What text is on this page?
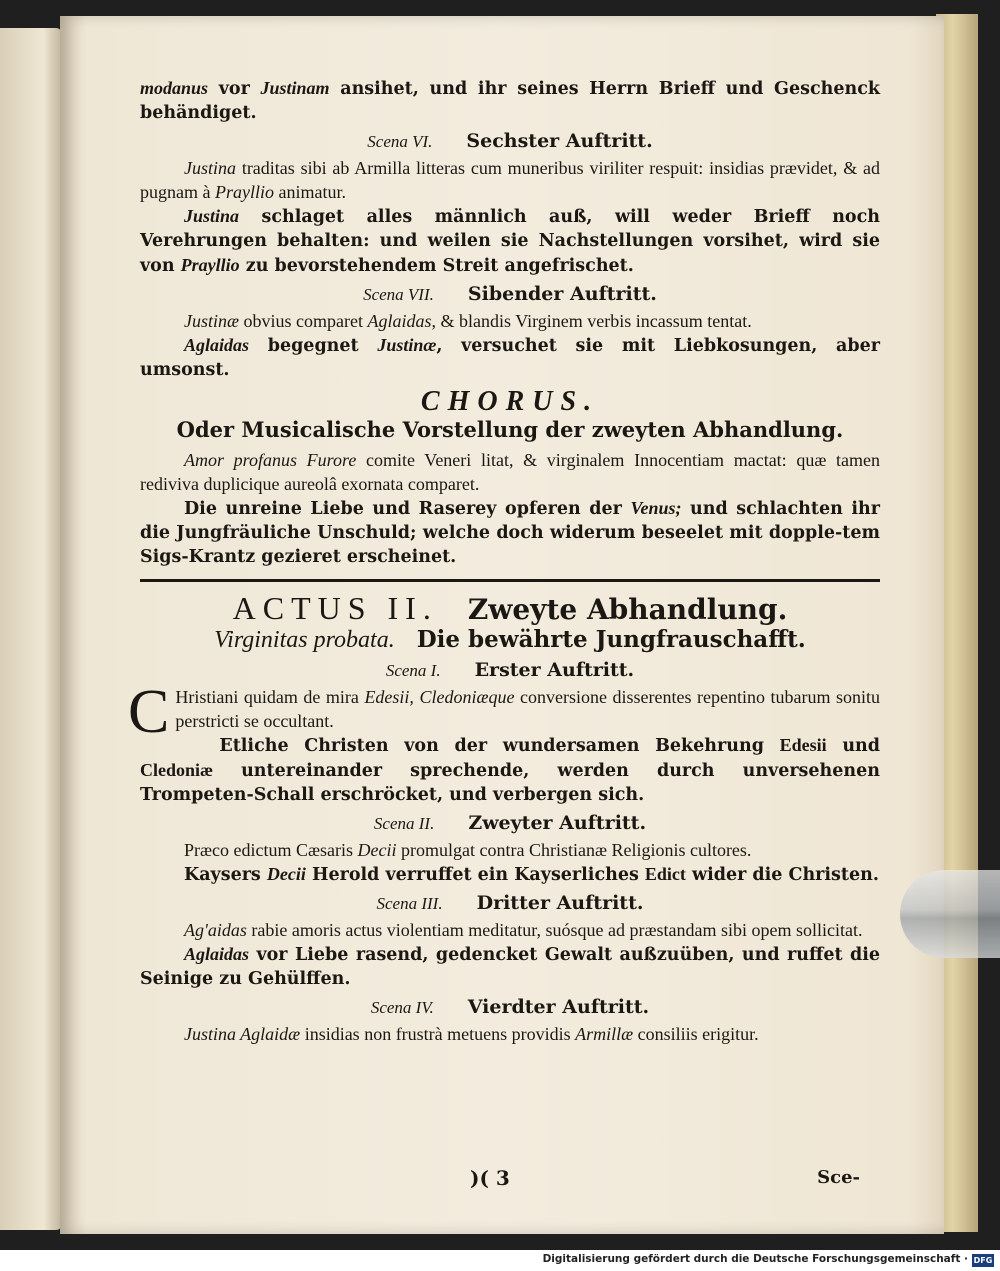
modanus vor Justinam ansihet, und ihr seines Herrn Brieff und Geschenck behändiget.

Scena VI. Sechster Auftritt.

Justina traditas sibi ab Armilla litteras cum muneribus viriliter respuit: insidias prævidet, & ad pugnam à Prayllio animatur.

Justina schlaget alles männlich auß, will weder Brieff noch Verehrungen behalten: und weilen sie Nachstellungen vorsihet, wird sie von Prayllio zu bevorstehendem Streit angefrischet.

Scena VII. Sibender Auftritt.

Justinæ obvius comparet Aglaidas, & blandis Virginem verbis incassum tentat.

Aglaidas begegnet Justinæ, versuchet sie mit Liebkosungen, aber umsonst.

CHORUS.
Oder Musicalische Vorstellung der zweyten Abhandlung.

Amor profanus Furore comite Veneri litat, & virginalem Innocentiam mactat: quæ tamen rediviva duplicique aureolâ exornata comparet.

Die unreine Liebe und Raserey opferen der Venus; und schlachten ihr die Jungfräuliche Unschuld; welche doch widerum beseelet mit dopple-tem Sigs-Krantz gezieret erscheinet.

ACTUS II. Zweyte Abhandlung.
Virginitas probata. Die bewährte Jungfrauschafft.
Scena I. Erster Auftritt.

C Hristiani quidam de mira Edesii, Cledoniæque conversione disserentes repentino tubarum sonitu perstricti se occultant.

Etliche Christen von der wundersamen Bekehrung Edesii und Cledoniæ untereinander sprechende, werden durch unversehenen Trompeten-Schall erschröcket, und verbergen sich.

Scena II. Zweyter Auftritt.

Præco edictum Cæsaris Decii promulgat contra Christianæ Religionis cultores.

Kaysers Decii Herold verruffet ein Kayserliches Edict wider die Christen.

Scena III. Dritter Auftritt.

Ag'aidas rabie amoris actus violentiam meditatur, suósque ad præstandam sibi opem sollicitat.

Aglaidas vor Liebe rasend, gedencket Gewalt außzuüben, und ruffet die Seinige zu Gehülffen.

Scena IV. Vierdter Auftritt.

Justina Aglaidæ insidias non frustrà metuens providis Armillæ consiliis erigitur.

)( 3	Sce-
Digitalisierung gefördert durch die Deutsche Forschungsgemeinschaft · DFG
